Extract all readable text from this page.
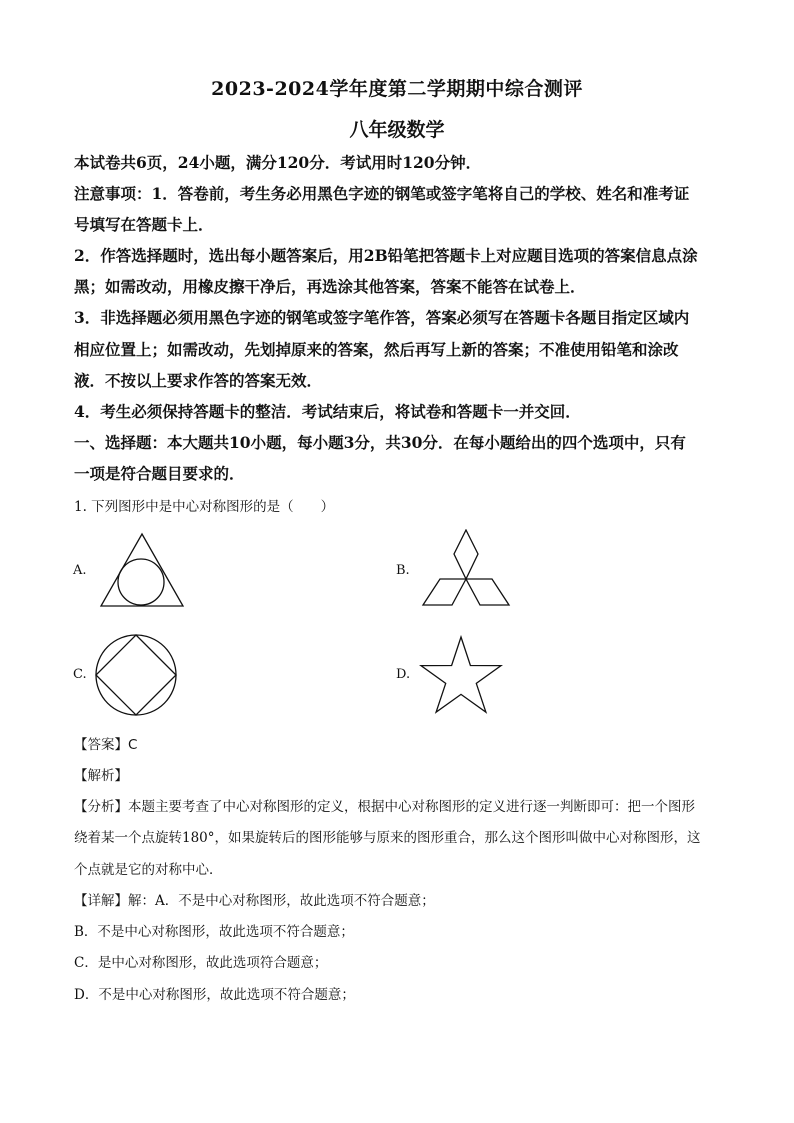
2023-2024学年度第二学期期中综合测评
八年级数学
本试卷共6页，24小题，满分120分．考试用时120分钟．
注意事项：1．答卷前，考生务必用黑色字迹的钢笔或签字笔将自己的学校、姓名和准考证
号填写在答题卡上．
2．作答选择题时，选出每小题答案后，用2B铅笔把答题卡上对应题目选项的答案信息点涂
黑；如需改动，用橡皮擦干净后，再选涂其他答案，答案不能答在试卷上．
3．非选择题必须用黑色字迹的钢笔或签字笔作答，答案必须写在答题卡各题目指定区域内
相应位置上；如需改动，先划掉原来的答案，然后再写上新的答案；不准使用铅笔和涂改
液．不按以上要求作答的答案无效．
4．考生必须保持答题卡的整洁．考试结束后，将试卷和答题卡一并交回．
一、选择题：本大题共10小题，每小题3分，共30分．在每小题给出的四个选项中，只有
一项是符合题目要求的．
1. 下列图形中是中心对称图形的是（　　）
A.	B.
C.	D.
【答案】C
【解析】
【分析】本题主要考查了中心对称图形的定义，根据中心对称图形的定义进行逐一判断即可：把一个图形
绕着某一个点旋转180°，如果旋转后的图形能够与原来的图形重合，那么这个图形叫做中心对称图形，这
个点就是它的对称中心．
【详解】解：A．不是中心对称图形，故此选项不符合题意；
B．不是中心对称图形，故此选项不符合题意；
C．是中心对称图形，故此选项符合题意；
D．不是中心对称图形，故此选项不符合题意；
